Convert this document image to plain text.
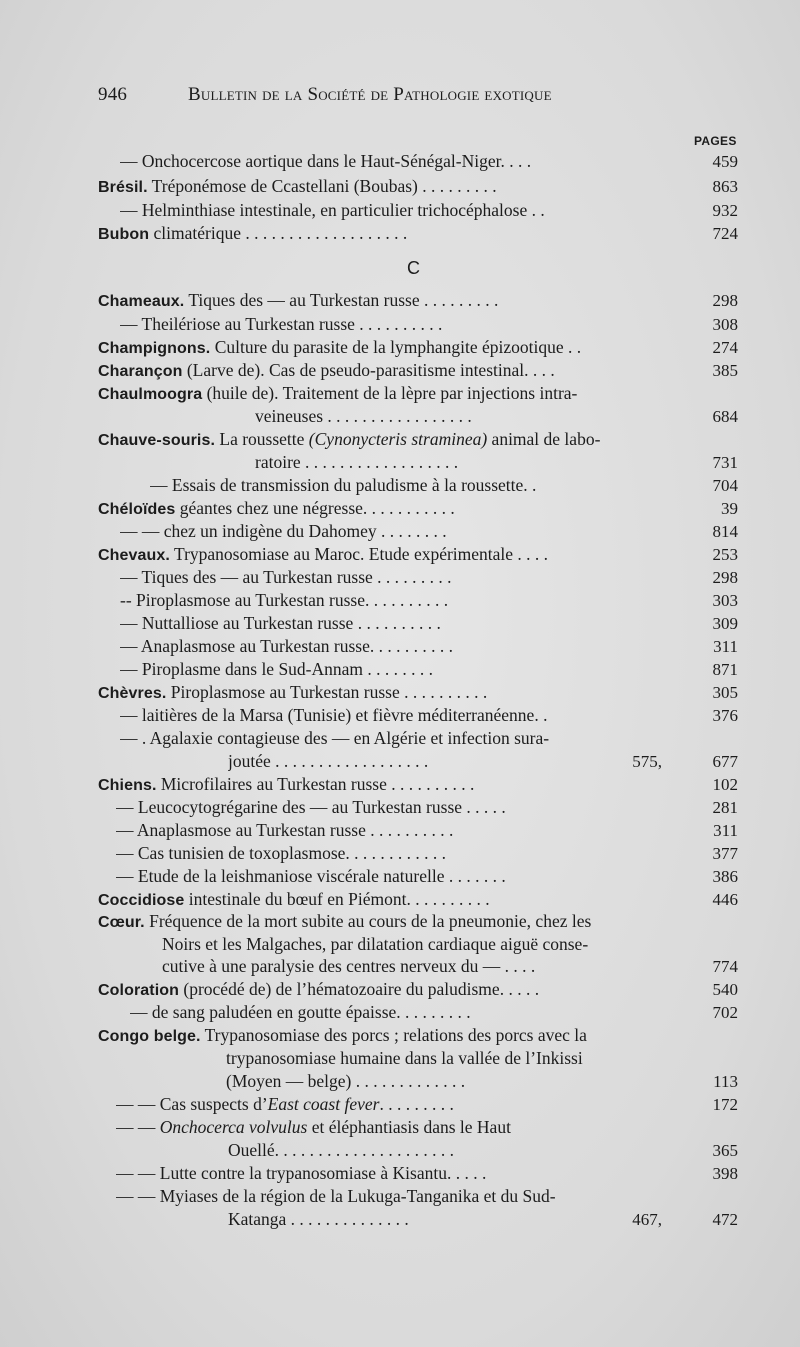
946	Bulletin de la Société de Pathologie exotique
PAGES
— Onchocercose aortique dans le Haut-Sénégal-Niger. . . .	459
Brésil. Tréponémose de Ccastellani (Boubas) . . . . . . . . .	863
— Helminthiase intestinale, en particulier trichocéphalose . .	932
Bubon climatérique . . . . . . . . . . . . . . . . . . .	724
Chameaux. Tiques des — au Turkestan russe . . . . . . . . .	298
— Theilériose au Turkestan russe . . . . . . . . . .	308
Champignons. Culture du parasite de la lymphangite épizootique . .	274
Charançon (Larve de). Cas de pseudo-parasitisme intestinal. . . .	385
Chaulmoogra (huile de). Traitement de la lèpre par injections intra-
veineuses . . . . . . . . . . . . . . . . .	684
Chauve-souris. La roussette (Cynonycteris straminea) animal de labo-
ratoire . . . . . . . . . . . . . . . . . .	731
— Essais de transmission du paludisme à la roussette. .	704
Chéloïdes géantes chez une négresse. . . . . . . . . . .	39
— — chez un indigène du Dahomey . . . . . . . .	814
Chevaux. Trypanosomiase au Maroc. Etude expérimentale . . . .	253
— Tiques des — au Turkestan russe . . . . . . . . .	298
-- Piroplasmose au Turkestan russe. . . . . . . . . .	303
— Nuttalliose au Turkestan russe . . . . . . . . . .	309
— Anaplasmose au Turkestan russe. . . . . . . . . .	311
— Piroplasme dans le Sud-Annam . . . . . . . .	871
Chèvres. Piroplasmose au Turkestan russe . . . . . . . . . .	305
— laitières de la Marsa (Tunisie) et fièvre méditerranéenne. .	376
— . Agalaxie contagieuse des — en Algérie et infection sura-
joutée . . . . . . . . . . . . . . . . . .	575,	677
Chiens. Microfilaires au Turkestan russe . . . . . . . . . .	102
— Leucocytogrégarine des — au Turkestan russe . . . . .	281
— Anaplasmose au Turkestan russe . . . . . . . . . .	311
— Cas tunisien de toxoplasmose. . . . . . . . . . . .	377
— Etude de la leishmaniose viscérale naturelle . . . . . . .	386
Coccidiose intestinale du bœuf en Piémont. . . . . . . . . .	446
Cœur. Fréquence de la mort subite au cours de la pneumonie, chez les
Noirs et les Malgaches, par dilatation cardiaque aiguë conse-
cutive à une paralysie des centres nerveux du — . . . .	774
Coloration (procédé de) de l’hématozoaire du paludisme. . . . .	540
— de sang paludéen en goutte épaisse. . . . . . . . .	702
Congo belge. Trypanosomiase des porcs ; relations des porcs avec la
trypanosomiase humaine dans la vallée de l’Inkissi
(Moyen — belge) . . . . . . . . . . . . .	113
— — Cas suspects d’East coast fever. . . . . . . . .	172
— — Onchocerca volvulus et éléphantiasis dans le Haut
Ouellé. . . . . . . . . . . . . . . . . . . . .	365
— — Lutte contre la trypanosomiase à Kisantu. . . . .	398
— — Myiases de la région de la Lukuga-Tanganika et du Sud-
Katanga . . . . . . . . . . . . . .	467,	472
C
